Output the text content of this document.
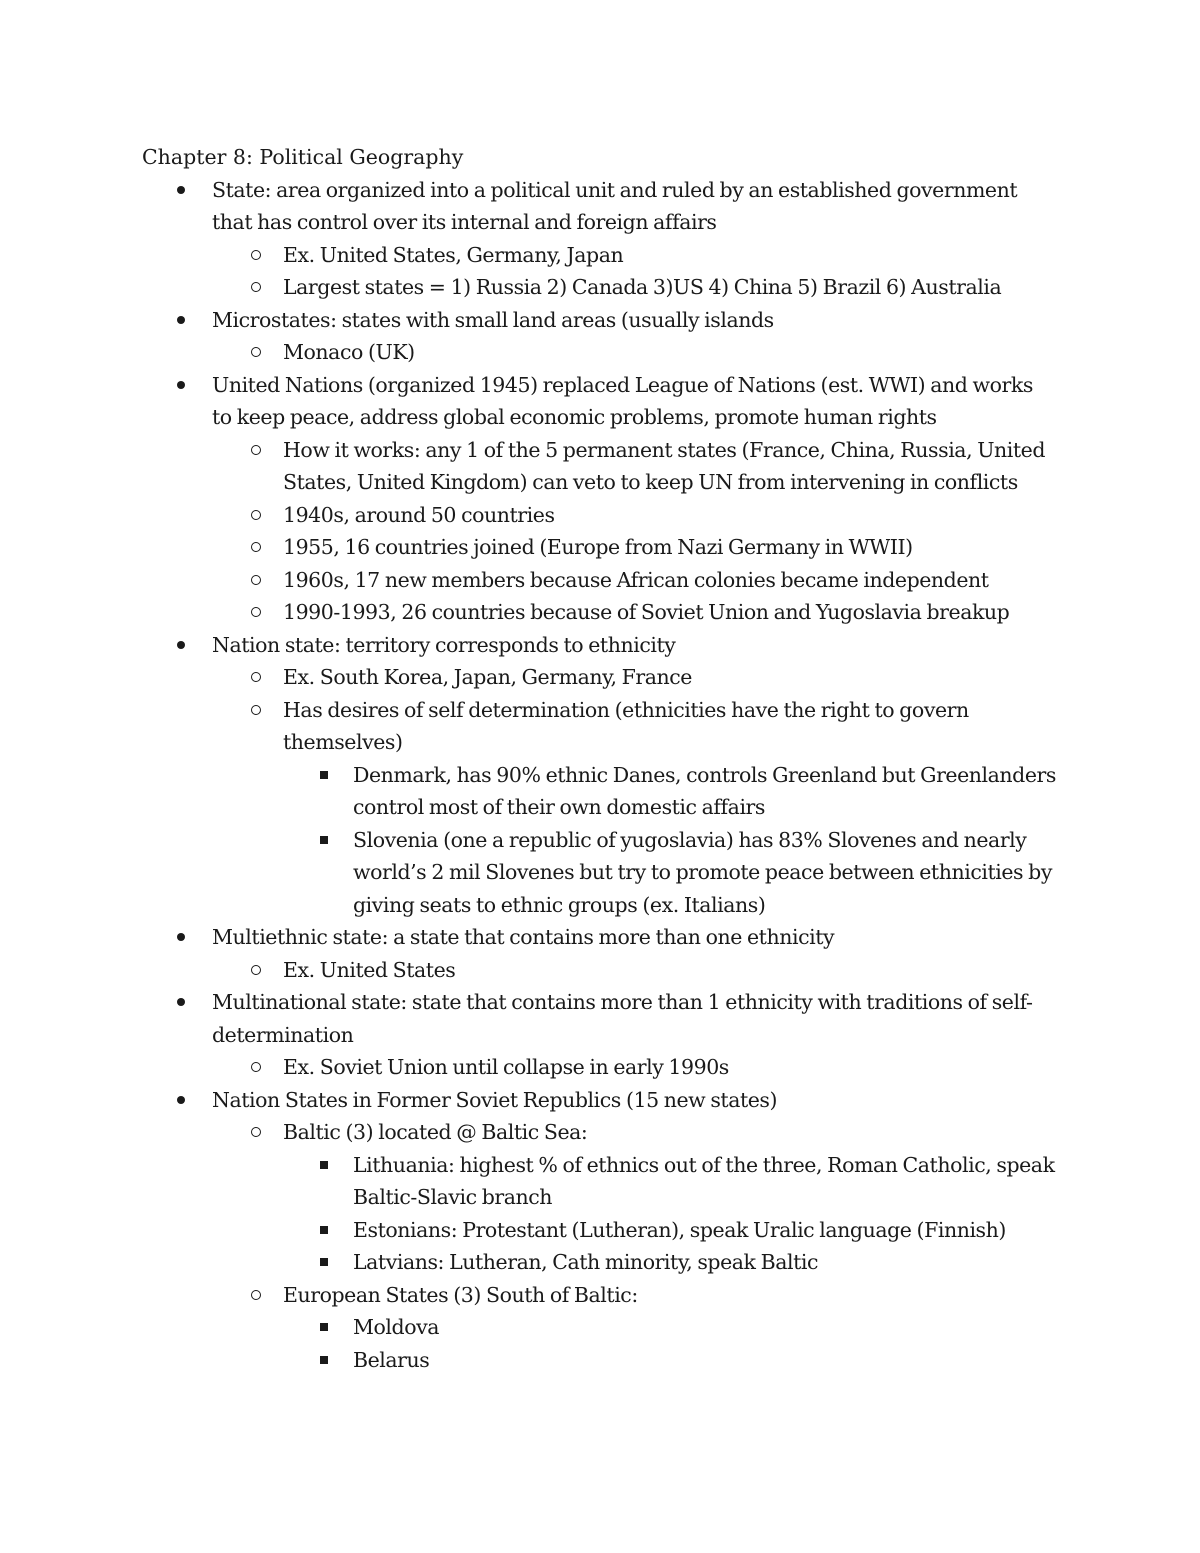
Chapter 8: Political Geography
State: area organized into a political unit and ruled by an established government that has control over its internal and foreign affairs
Ex. United States, Germany, Japan
Largest states = 1) Russia 2) Canada 3)US 4) China 5) Brazil 6) Australia
Microstates: states with small land areas (usually islands
Monaco (UK)
United Nations (organized 1945) replaced League of Nations (est. WWI) and works to keep peace, address global economic problems, promote human rights
How it works: any 1 of the 5 permanent states (France, China, Russia, United States, United Kingdom) can veto to keep UN from intervening in conflicts
1940s, around 50 countries
1955, 16 countries joined (Europe from Nazi Germany in WWII)
1960s, 17 new members because African colonies became independent
1990-1993, 26 countries because of Soviet Union and Yugoslavia breakup
Nation state: territory corresponds to ethnicity
Ex. South Korea, Japan, Germany, France
Has desires of self determination (ethnicities have the right to govern themselves)
Denmark, has 90% ethnic Danes, controls Greenland but Greenlanders control most of their own domestic affairs
Slovenia (one a republic of yugoslavia) has 83% Slovenes and nearly world’s 2 mil Slovenes but try to promote peace between ethnicities by giving seats to ethnic groups (ex. Italians)
Multiethnic state: a state that contains more than one ethnicity
Ex. United States
Multinational state: state that contains more than 1 ethnicity with traditions of self-determination
Ex. Soviet Union until collapse in early 1990s
Nation States in Former Soviet Republics (15 new states)
Baltic (3) located @ Baltic Sea:
Lithuania: highest % of ethnics out of the three, Roman Catholic, speak Baltic-Slavic branch
Estonians: Protestant (Lutheran), speak Uralic language (Finnish)
Latvians: Lutheran, Cath minority, speak Baltic
European States (3) South of Baltic:
Moldova
Belarus
